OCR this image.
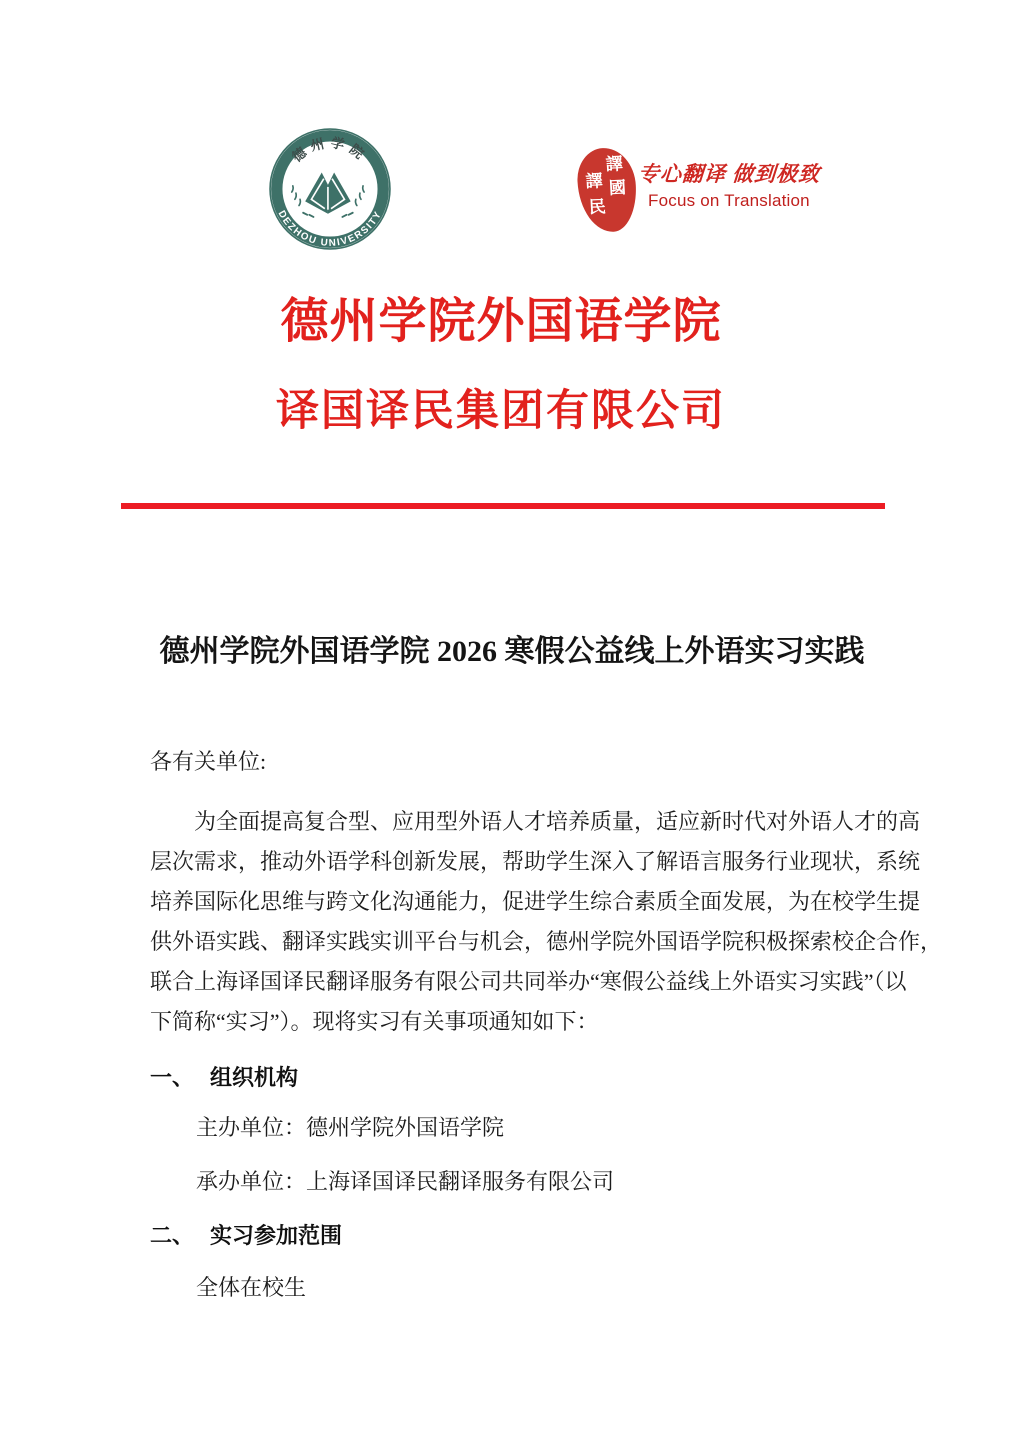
DEZHOU UNIVERSITY
德州学院	譯
國
譯
民
专心翻译 做到极致
Focus on Translation
德州学院外国语学院
译国译民集团有限公司
德州学院外国语学院 2026 寒假公益线上外语实习实践
各有关单位:
为全面提高复合型、应用型外语人才培养质量，适应新时代对外语人才的高
层次需求，推动外语学科创新发展，帮助学生深入了解语言服务行业现状，系统
培养国际化思维与跨文化沟通能力，促进学生综合素质全面发展，为在校学生提
供外语实践、翻译实践实训平台与机会，德州学院外国语学院积极探索校企合作，
联合上海译国译民翻译服务有限公司共同举办“寒假公益线上外语实习实践”（以
下简称“实习”）。现将实习有关事项通知如下：
一、 组织机构
主办单位：德州学院外国语学院
承办单位：上海译国译民翻译服务有限公司
二、 实习参加范围
全体在校生
